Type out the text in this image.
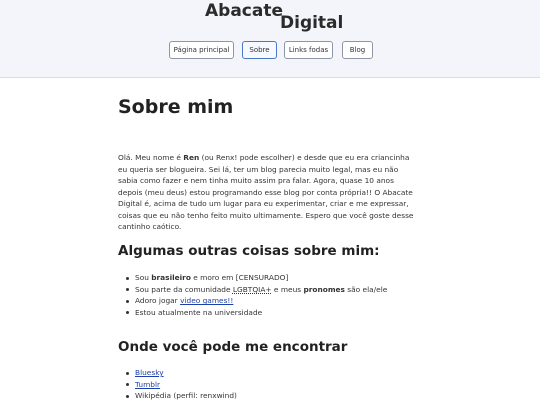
Abacate
Digital
Página principal	Sobre	Links fodas	Blog
Sobre mim

Olá. Meu nome é Ren (ou Renx! pode escolher) e desde que eu era criancinha eu queria ser blogueira. Sei lá, ter um blog parecia muito legal, mas eu não sabia como fazer e nem tinha muito assim pra falar. Agora, quase 10 anos depois (meu deus) estou programando esse blog por conta própria!! O Abacate Digital é, acima de tudo um lugar para eu experimentar, criar e me expressar, coisas que eu não tenho feito muito ultimamente. Espero que você goste desse cantinho caótico.

Algumas outras coisas sobre mim:
Sou brasileiro e moro em [CENSURADO]
Sou parte da comunidade LGBTQIA+ e meus pronomes são ela/ele
Adoro jogar video games!!
Estou atualmente na universidade
Onde você pode me encontrar
Bluesky
Tumblr
Wikipédia (perfil: renxwind)
